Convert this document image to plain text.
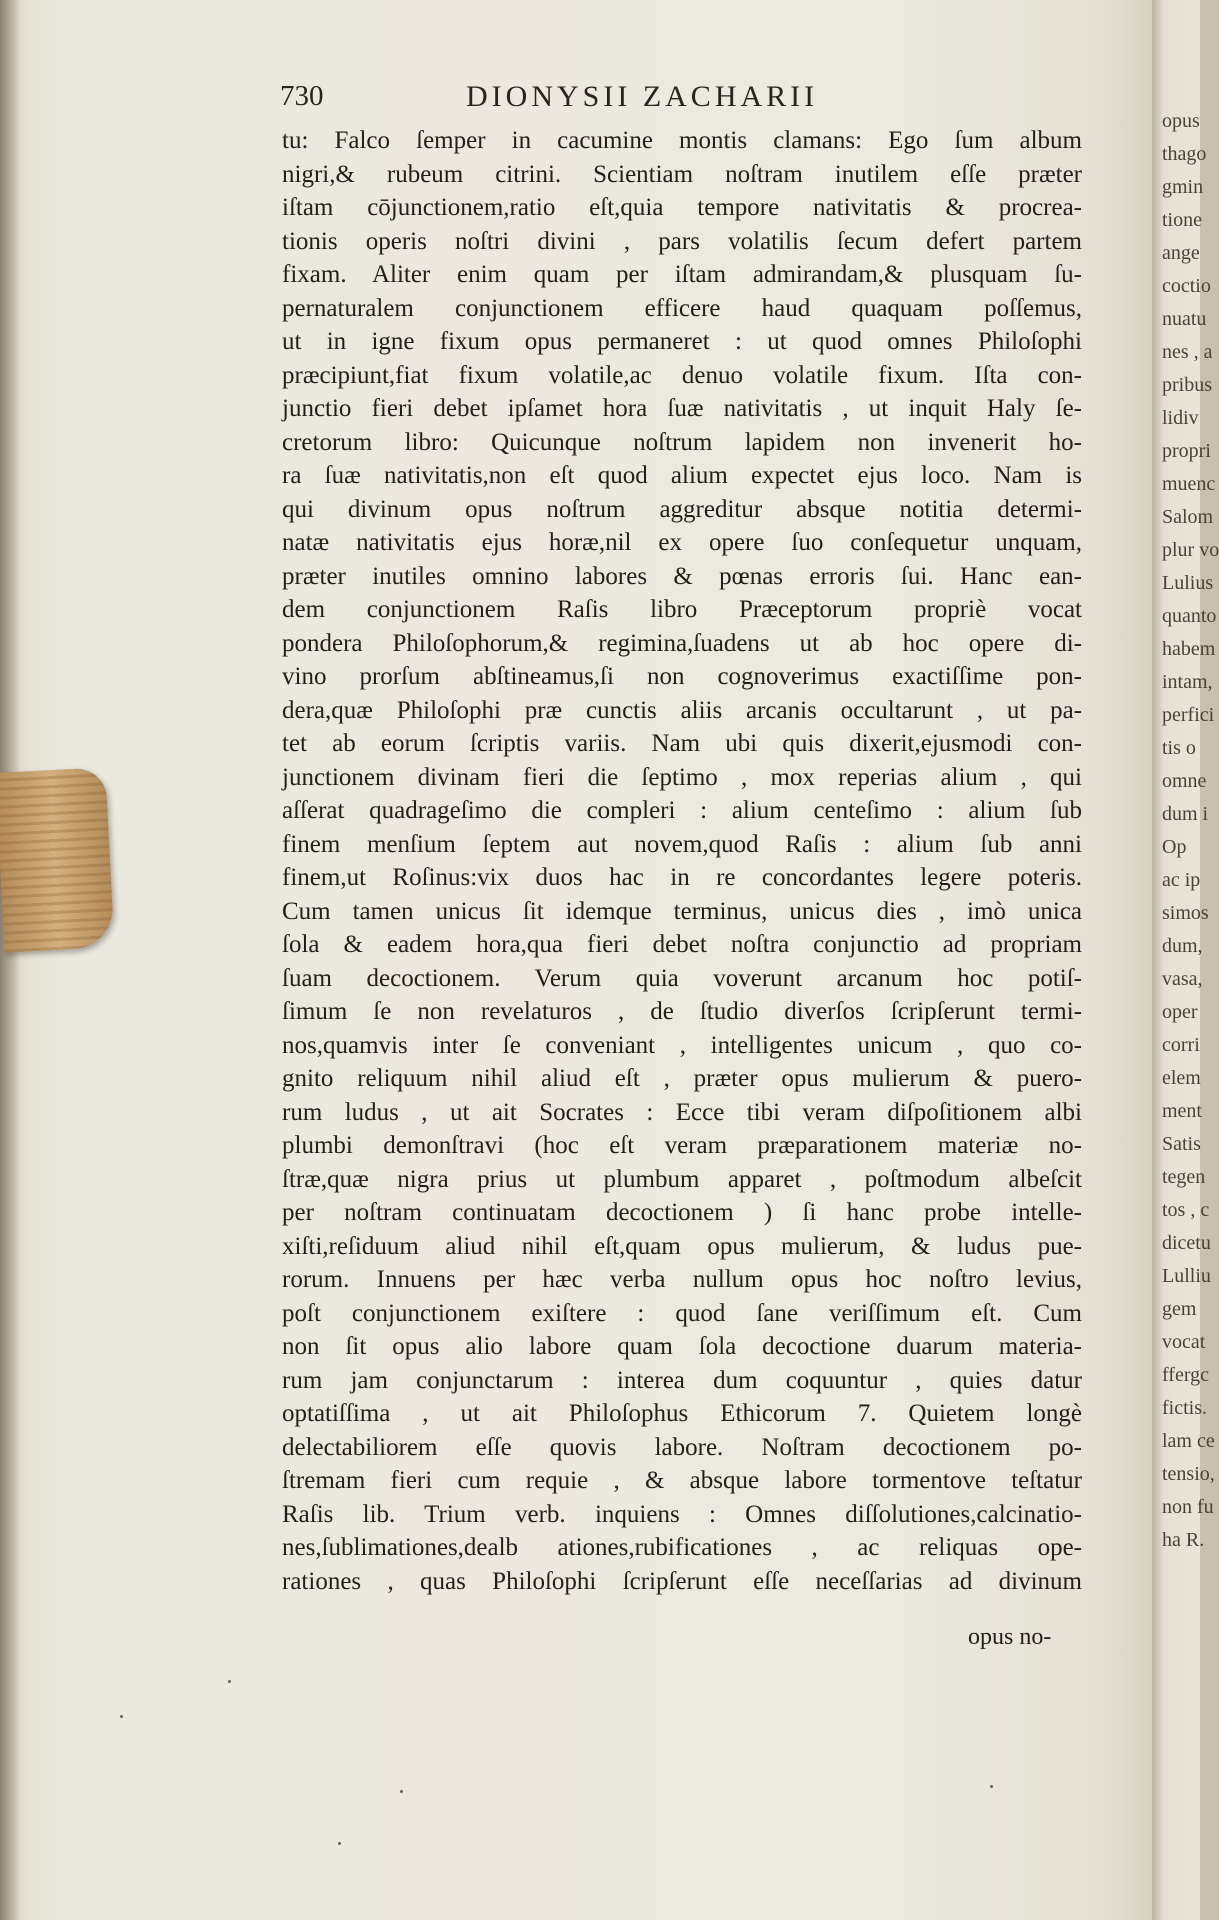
730	DIONYSII ZACHARII
tu: Falco ſemper in cacumine montis clamans: Ego ſum album
nigri,& rubeum citrini. Scientiam noſtram inutilem eſſe præter
iſtam cōjunctionem,ratio eſt,quia tempore nativitatis & procrea-
tionis operis noſtri divini , pars volatilis ſecum defert partem
fixam. Aliter enim quam per iſtam admirandam,& plusquam ſu-
pernaturalem conjunctionem efficere haud quaquam poſſemus,
ut in igne fixum opus permaneret : ut quod omnes Philoſophi
præcipiunt,fiat fixum volatile,ac denuo volatile fixum. Iſta con-
junctio fieri debet ipſamet hora ſuæ nativitatis , ut inquit Haly ſe-
cretorum libro: Quicunque noſtrum lapidem non invenerit ho-
ra ſuæ nativitatis,non eſt quod alium expectet ejus loco. Nam is
qui divinum opus noſtrum aggreditur absque notitia determi-
natæ nativitatis ejus horæ,nil ex opere ſuo conſequetur unquam,
præter inutiles omnino labores & pœnas erroris ſui. Hanc ean-
dem conjunctionem Raſis libro Præceptorum propriè vocat
pondera Philoſophorum,& regimina,ſuadens ut ab hoc opere di-
vino prorſum abſtineamus,ſi non cognoverimus exactiſſime pon-
dera,quæ Philoſophi præ cunctis aliis arcanis occultarunt , ut pa-
tet ab eorum ſcriptis variis. Nam ubi quis dixerit,ejusmodi con-
junctionem divinam fieri die ſeptimo , mox reperias alium , qui
aſſerat quadrageſimo die compleri : alium centeſimo : alium ſub
finem menſium ſeptem aut novem,quod Raſis : alium ſub anni
finem,ut Roſinus:vix duos hac in re concordantes legere poteris.
Cum tamen unicus ſit idemque terminus, unicus dies , imò unica
ſola & eadem hora,qua fieri debet noſtra conjunctio ad propriam
ſuam decoctionem. Verum quia voverunt arcanum hoc potiſ-
ſimum ſe non revelaturos , de ſtudio diverſos ſcripſerunt termi-
nos,quamvis inter ſe conveniant , intelligentes unicum , quo co-
gnito reliquum nihil aliud eſt , præter opus mulierum & puero-
rum ludus , ut ait Socrates : Ecce tibi veram diſpoſitionem albi
plumbi demonſtravi (hoc eſt veram præparationem materiæ no-
ſtræ,quæ nigra prius ut plumbum apparet , poſtmodum albeſcit
per noſtram continuatam decoctionem ) ſi hanc probe intelle-
xiſti,reſiduum aliud nihil eſt,quam opus mulierum, & ludus pue-
rorum. Innuens per hæc verba nullum opus hoc noſtro levius,
poſt conjunctionem exiſtere : quod ſane veriſſimum eſt. Cum
non ſit opus alio labore quam ſola decoctione duarum materia-
rum jam conjunctarum : interea dum coquuntur , quies datur
optatiſſima , ut ait Philoſophus Ethicorum 7. Quietem longè
delectabiliorem eſſe quovis labore. Noſtram decoctionem po-
ſtremam fieri cum requie , & absque labore tormentove teſtatur
Raſis lib. Trium verb. inquiens : Omnes diſſolutiones,calcinatio-
nes,ſublimationes,dealb ationes,rubificationes , ac reliquas ope-
rationes , quas Philoſophi ſcripſerunt eſſe neceſſarias ad divinum
opus no-
opus
thago
gmin
tione
ange
coctio
nuatu
nes , a
pribus
lidiv
propri
muenc
Salom
plur vo
Lulius
quanto
habem
intam,
perfici
tis o
omne
dum i
Op
ac ip
simos
dum,
vasa,
oper
corri
elem
ment
Satis
tegen
tos , c
dicetu
Lulliu
gem
vocat
ffergc
fictis.
lam ce
tensio,
non fu
ha R.
